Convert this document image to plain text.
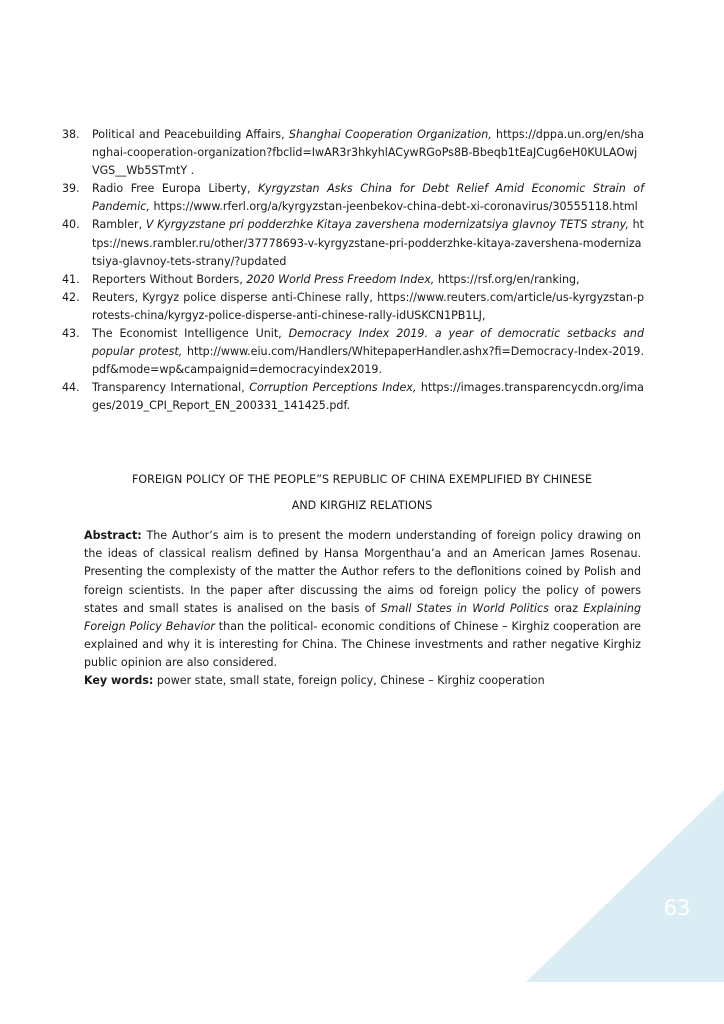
38. Political and Peacebuilding Affairs, Shanghai Cooperation Organization, https://dppa.un.org/en/shanghai-cooperation-organization?fbclid=IwAR3r3hkyhlACywRGoPs8B-Bbeqb1tEaJCug6eH0KULAOwjVGS__Wb5STmtY .
39. Radio Free Europa Liberty, Kyrgyzstan Asks China for Debt Relief Amid Economic Strain of Pandemic, https://www.rferl.org/a/kyrgyzstan-jeenbekov-china-debt-xi-coronavirus/30555118.html
40. Rambler, V Kyrgyzstane pri podderzhke Kitaya zavershena modernizatsiya glavnoy TETS strany, https://news.rambler.ru/other/37778693-v-kyrgyzstane-pri-podderzhke-kitaya-zavershena-modernizatsiya-glavnoy-tets-strany/?updated
41. Reporters Without Borders, 2020 World Press Freedom Index, https://rsf.org/en/ranking,
42. Reuters, Kyrgyz police disperse anti-Chinese rally, https://www.reuters.com/article/us-kyrgyzstan-protests-china/kyrgyz-police-disperse-anti-chinese-rally-idUSKCN1PB1LJ,
43. The Economist Intelligence Unit, Democracy Index 2019. a year of democratic setbacks and popular protest, http://www.eiu.com/Handlers/WhitepaperHandler.ashx?fi=Democracy-Index-2019.pdf&mode=wp&campaignid=democracyindex2019.
44. Transparency International, Corruption Perceptions Index, https://images.transparencycdn.org/images/2019_CPI_Report_EN_200331_141425.pdf.
FOREIGN POLICY OF THE PEOPLE”S REPUBLIC OF CHINA EXEMPLIFIED BY CHINESE
AND KIRGHIZ RELATIONS

Abstract: The Author’s aim is to present the modern understanding of foreign policy drawing on the ideas of classical realism defined by Hansa Morgenthau’a and an American James Rosenau. Presenting the complexisty of the matter the Author refers to the deflonitions coined by Polish and foreign scientists. In the paper after discussing the aims od foreign policy the policy of powers states and small states is analised on the basis of Small States in World Politics oraz Explaining Foreign Policy Behavior than the political- economic conditions of Chinese – Kirghiz cooperation are explained and why it is interesting for China. The Chinese investments and rather negative Kirghiz public opinion are also considered.

Key words: power state, small state, foreign policy, Chinese – Kirghiz cooperation

63
